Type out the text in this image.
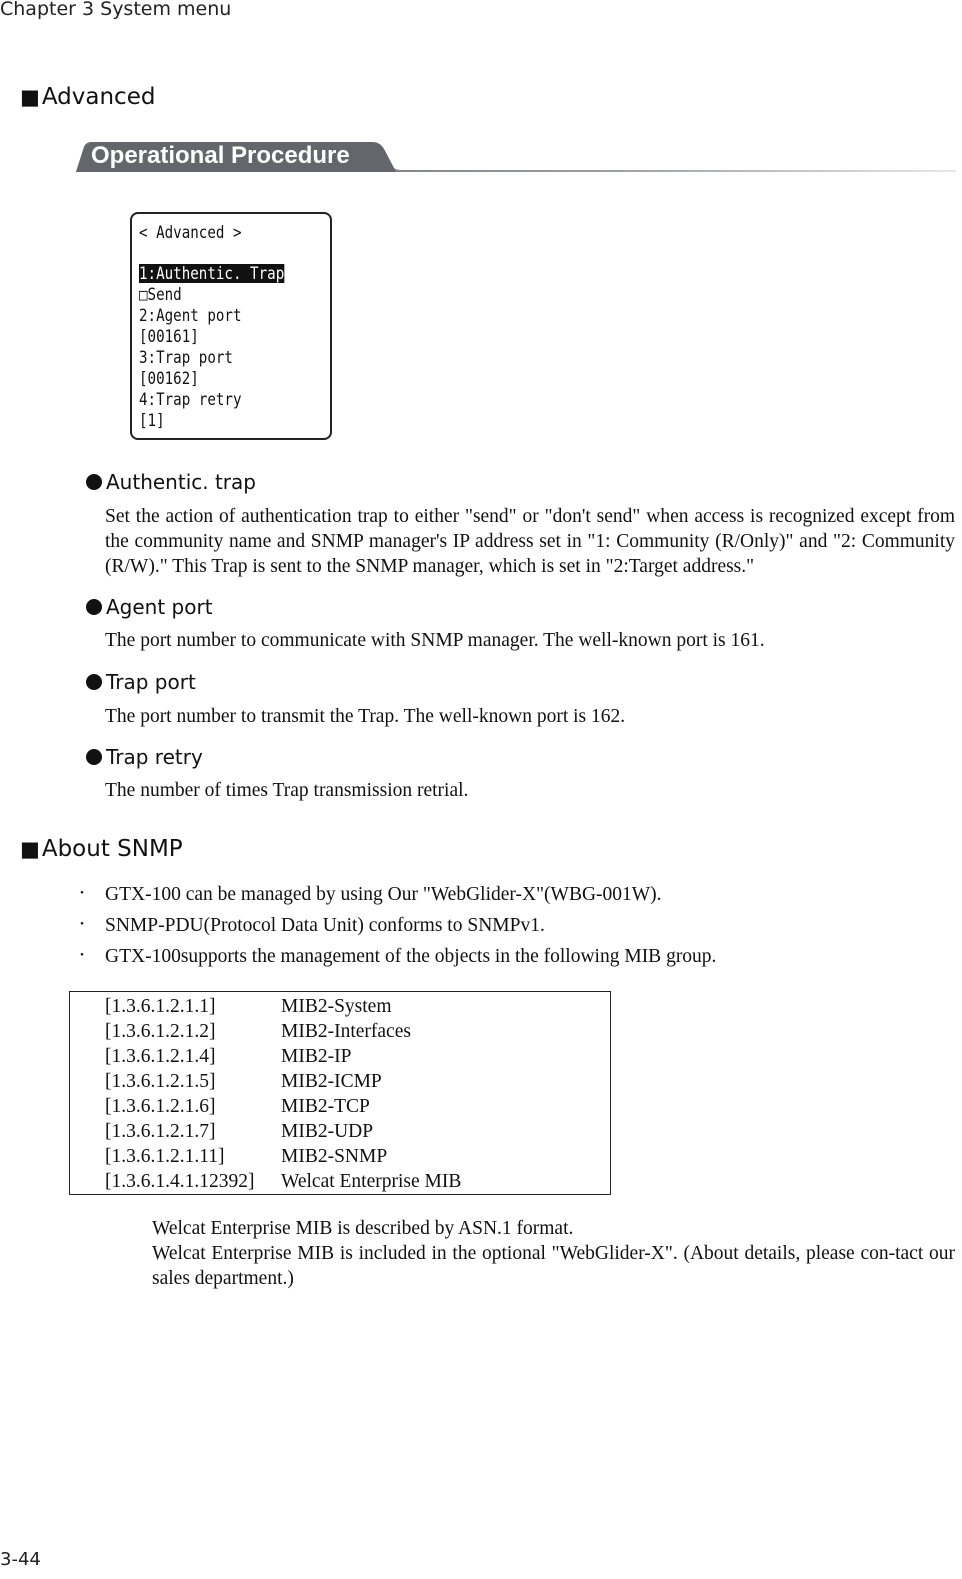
Chapter 3 System menu
■ Advanced
Operational Procedure
< Advanced >
1:Authentic. Trap
□Send
2:Agent port
[00161]
3:Trap port
[00162]
4:Trap retry
[1]
Authentic. trap
Set the action of authentication trap to either "send" or "don't send" when access is recognized except from the community name and SNMP manager's IP address set in "1: Community (R/Only)" and "2: Community (R/W)." This Trap is sent to the SNMP manager, which is set in "2:Target address."
Agent port
The port number to communicate with SNMP manager. The well-known port is 161.
Trap port
The port number to transmit the Trap. The well-known port is 162.
Trap retry
The number of times Trap transmission retrial.
■ About SNMP
・ GTX-100 can be managed by using Our "WebGlider-X"(WBG-001W).
・ SNMP-PDU(Protocol Data Unit) conforms to SNMPv1.
・ GTX-100supports the management of the objects in the following MIB group.
[1.3.6.1.2.1.1]	MIB2-System
[1.3.6.1.2.1.2]	MIB2-Interfaces
[1.3.6.1.2.1.4]	MIB2-IP
[1.3.6.1.2.1.5]	MIB2-ICMP
[1.3.6.1.2.1.6]	MIB2-TCP
[1.3.6.1.2.1.7]	MIB2-UDP
[1.3.6.1.2.1.11]	MIB2-SNMP
[1.3.6.1.4.1.12392] Welcat Enterprise MIB
Welcat Enterprise MIB is described by ASN.1 format.
Welcat Enterprise MIB is included in the optional "WebGlider-X". (About details, please con-tact our sales department.)
3-44
